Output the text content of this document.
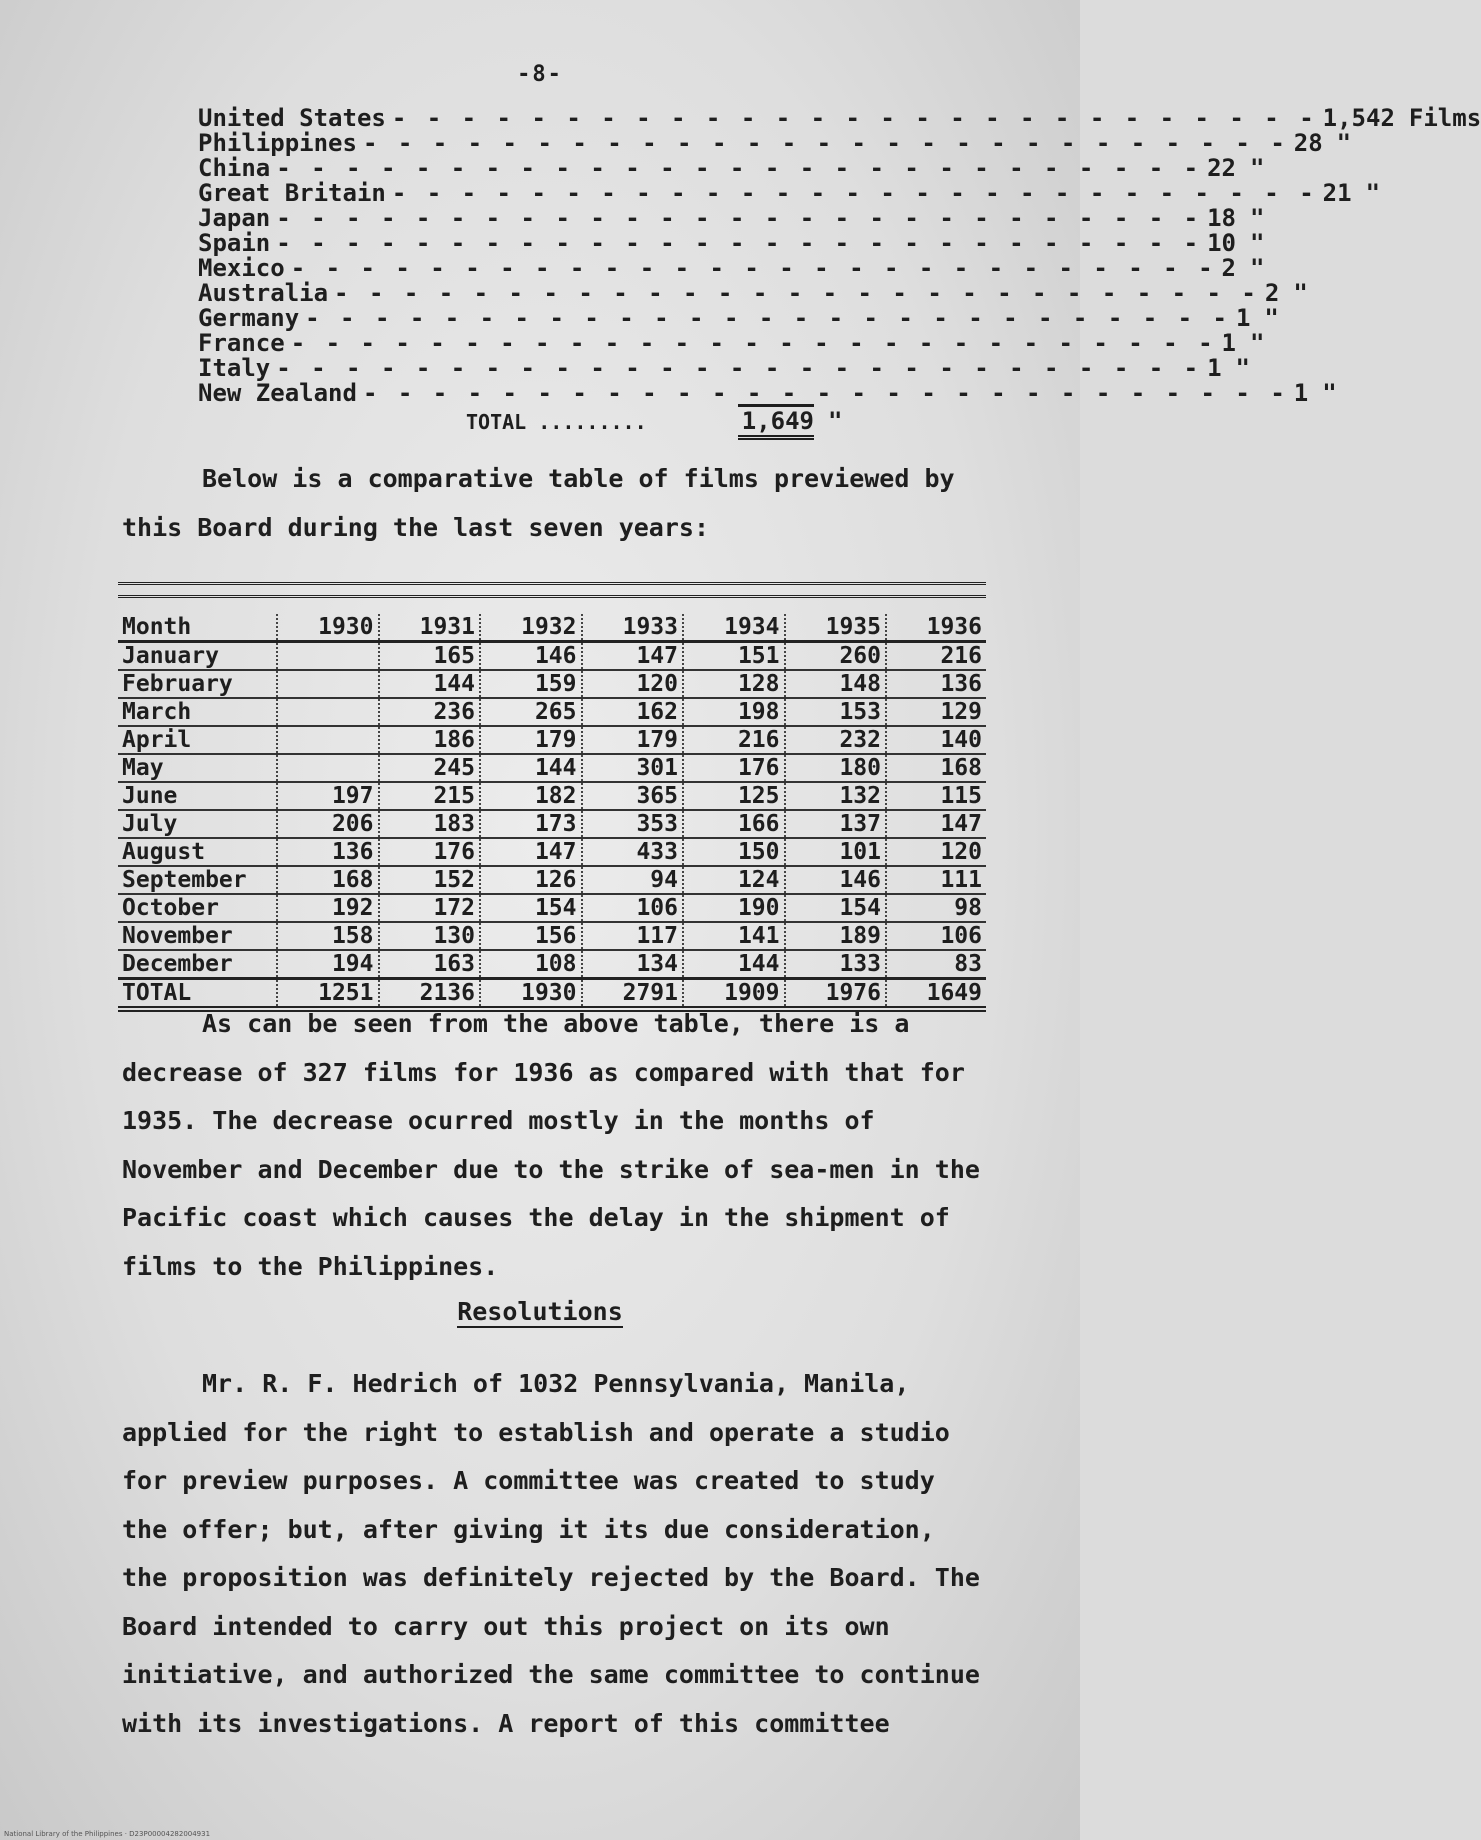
-8-
United States - - - - - - - - - - - - - - - - - - - - - - - - - - - 1,542 Films
Philippines - - - - - - - - - - - - - - - - - - - - - - - - - - - 28 "
China - - - - - - - - - - - - - - - - - - - - - - - - - - - 22 "
Great Britain - - - - - - - - - - - - - - - - - - - - - - - - - - - 21 "
Japan - - - - - - - - - - - - - - - - - - - - - - - - - - - 18 "
Spain - - - - - - - - - - - - - - - - - - - - - - - - - - - 10 "
Mexico - - - - - - - - - - - - - - - - - - - - - - - - - - - 2 "
Australia - - - - - - - - - - - - - - - - - - - - - - - - - - - 2 "
Germany - - - - - - - - - - - - - - - - - - - - - - - - - - - 1 "
France - - - - - - - - - - - - - - - - - - - - - - - - - - - 1 "
Italy - - - - - - - - - - - - - - - - - - - - - - - - - - - 1 "
New Zealand - - - - - - - - - - - - - - - - - - - - - - - - - - - 1 "
TOTAL .........	1,649 "
Below is a comparative table of films previewed by this Board during the last seven years:
Month	1930	1931	1932	1933	1934	1935	1936
January		165	146	147	151	260	216
February		144	159	120	128	148	136
March		236	265	162	198	153	129
April		186	179	179	216	232	140
May		245	144	301	176	180	168
June	197	215	182	365	125	132	115
July	206	183	173	353	166	137	147
August	136	176	147	433	150	101	120
September	168	152	126	94	124	146	111
October	192	172	154	106	190	154	98
November	158	130	156	117	141	189	106
December	194	163	108	134	144	133	83
TOTAL	1251	2136	1930	2791	1909	1976	1649
As can be seen from the above table, there is a decrease of 327 films for 1936 as compared with that for 1935. The decrease ocurred mostly in the months of November and December due to the strike of sea-men in the Pacific coast which causes the delay in the shipment of films to the Philippines.
Resolutions
Mr. R. F. Hedrich of 1032 Pennsylvania, Manila, applied for the right to establish and operate a studio for preview purposes. A committee was created to study the offer; but, after giving it its due consideration, the proposition was definitely rejected by the Board. The Board intended to carry out this project on its own initiative, and authorized the same committee to continue with its investigations. A report of this committee
National Library of the Philippines · D23P00004282004931
